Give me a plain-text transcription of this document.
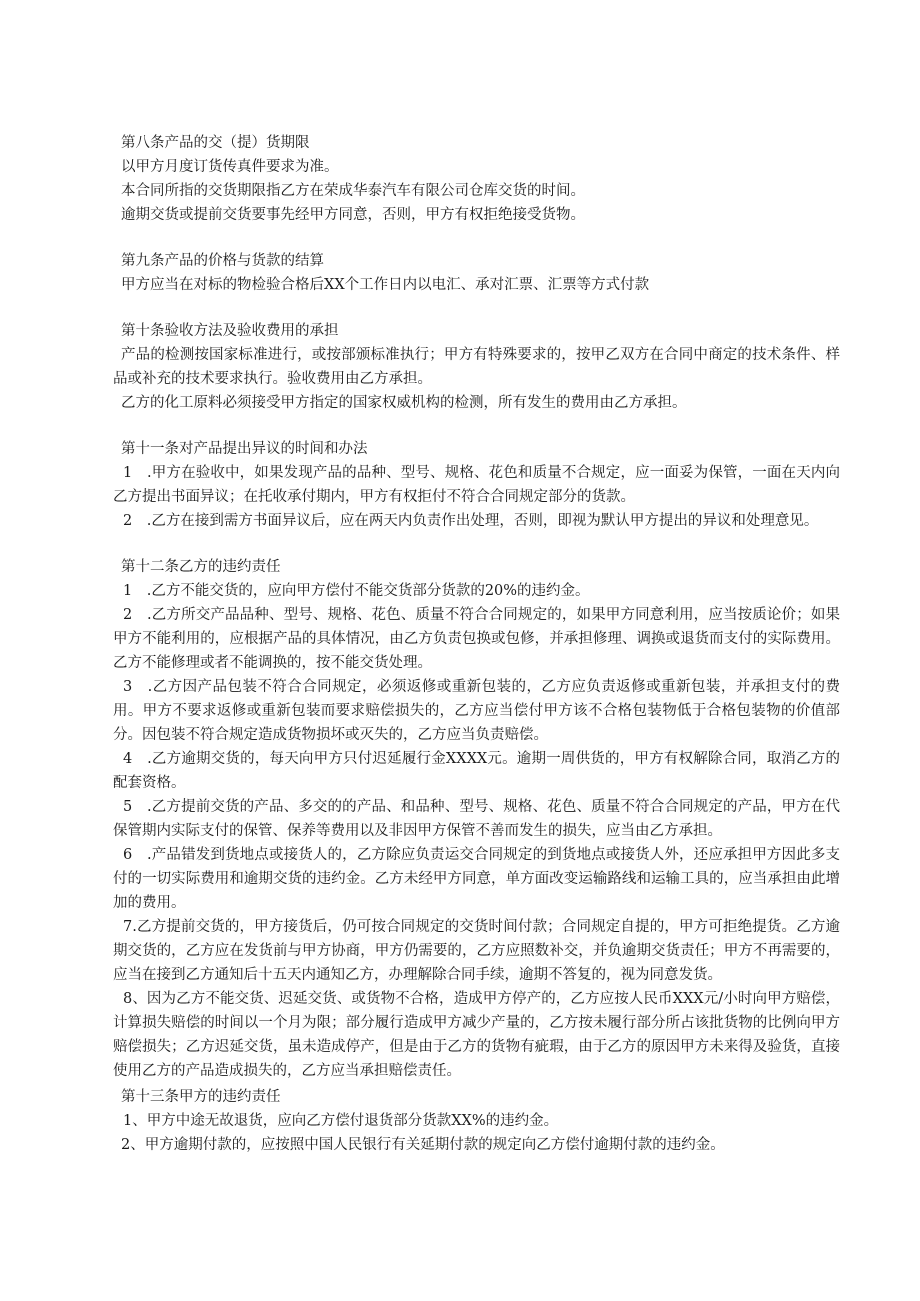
第八条产品的交（提）货期限

以甲方月度订货传真件要求为准。

本合同所指的交货期限指乙方在荣成华泰汽车有限公司仓库交货的时间。

逾期交货或提前交货要事先经甲方同意，否则，甲方有权拒绝接受货物。

第九条产品的价格与货款的结算

甲方应当在对标的物检验合格后XX个工作日内以电汇、承对汇票、汇票等方式付款

第十条验收方法及验收费用的承担

产品的检测按国家标准进行，或按部颁标准执行；甲方有特殊要求的，按甲乙双方在合同中商定的技术条件、样品或补充的技术要求执行。验收费用由乙方承担。

乙方的化工原料必须接受甲方指定的国家权威机构的检测，所有发生的费用由乙方承担。

第十一条对产品提出异议的时间和办法

1　.甲方在验收中，如果发现产品的品种、型号、规格、花色和质量不合规定，应一面妥为保管，一面在天内向乙方提出书面异议；在托收承付期内，甲方有权拒付不符合合同规定部分的货款。

2　.乙方在接到需方书面异议后，应在两天内负责作出处理，否则，即视为默认甲方提出的异议和处理意见。

第十二条乙方的违约责任

1　.乙方不能交货的，应向甲方偿付不能交货部分货款的20%的违约金。

2　.乙方所交产品品种、型号、规格、花色、质量不符合合同规定的，如果甲方同意利用，应当按质论价；如果甲方不能利用的，应根据产品的具体情况，由乙方负责包换或包修，并承担修理、调换或退货而支付的实际费用。乙方不能修理或者不能调换的，按不能交货处理。

3　.乙方因产品包装不符合合同规定，必须返修或重新包装的，乙方应负责返修或重新包装，并承担支付的费用。甲方不要求返修或重新包装而要求赔偿损失的，乙方应当偿付甲方该不合格包装物低于合格包装物的价值部分。因包装不符合规定造成货物损坏或灭失的，乙方应当负责赔偿。

4　.乙方逾期交货的，每天向甲方只付迟延履行金XXXX元。逾期一周供货的，甲方有权解除合同，取消乙方的配套资格。

5　.乙方提前交货的产品、多交的的产品、和品种、型号、规格、花色、质量不符合合同规定的产品，甲方在代保管期内实际支付的保管、保养等费用以及非因甲方保管不善而发生的损失，应当由乙方承担。

6　.产品错发到货地点或接货人的，乙方除应负责运交合同规定的到货地点或接货人外，还应承担甲方因此多支付的一切实际费用和逾期交货的违约金。乙方未经甲方同意，单方面改变运输路线和运输工具的，应当承担由此增加的费用。

7.乙方提前交货的，甲方接货后，仍可按合同规定的交货时间付款；合同规定自提的，甲方可拒绝提货。乙方逾期交货的，乙方应在发货前与甲方协商，甲方仍需要的，乙方应照数补交，并负逾期交货责任；甲方不再需要的，应当在接到乙方通知后十五天内通知乙方，办理解除合同手续，逾期不答复的，视为同意发货。

8、因为乙方不能交货、迟延交货、或货物不合格，造成甲方停产的，乙方应按人民币XXX元/小时向甲方赔偿，计算损失赔偿的时间以一个月为限；部分履行造成甲方减少产量的，乙方按未履行部分所占该批货物的比例向甲方赔偿损失；乙方迟延交货，虽未造成停产，但是由于乙方的货物有疵瑕，由于乙方的原因甲方未来得及验货，直接使用乙方的产品造成损失的，乙方应当承担赔偿责任。

第十三条甲方的违约责任

1、甲方中途无故退货，应向乙方偿付退货部分货款XX%的违约金。

2、甲方逾期付款的，应按照中国人民银行有关延期付款的规定向乙方偿付逾期付款的违约金。
